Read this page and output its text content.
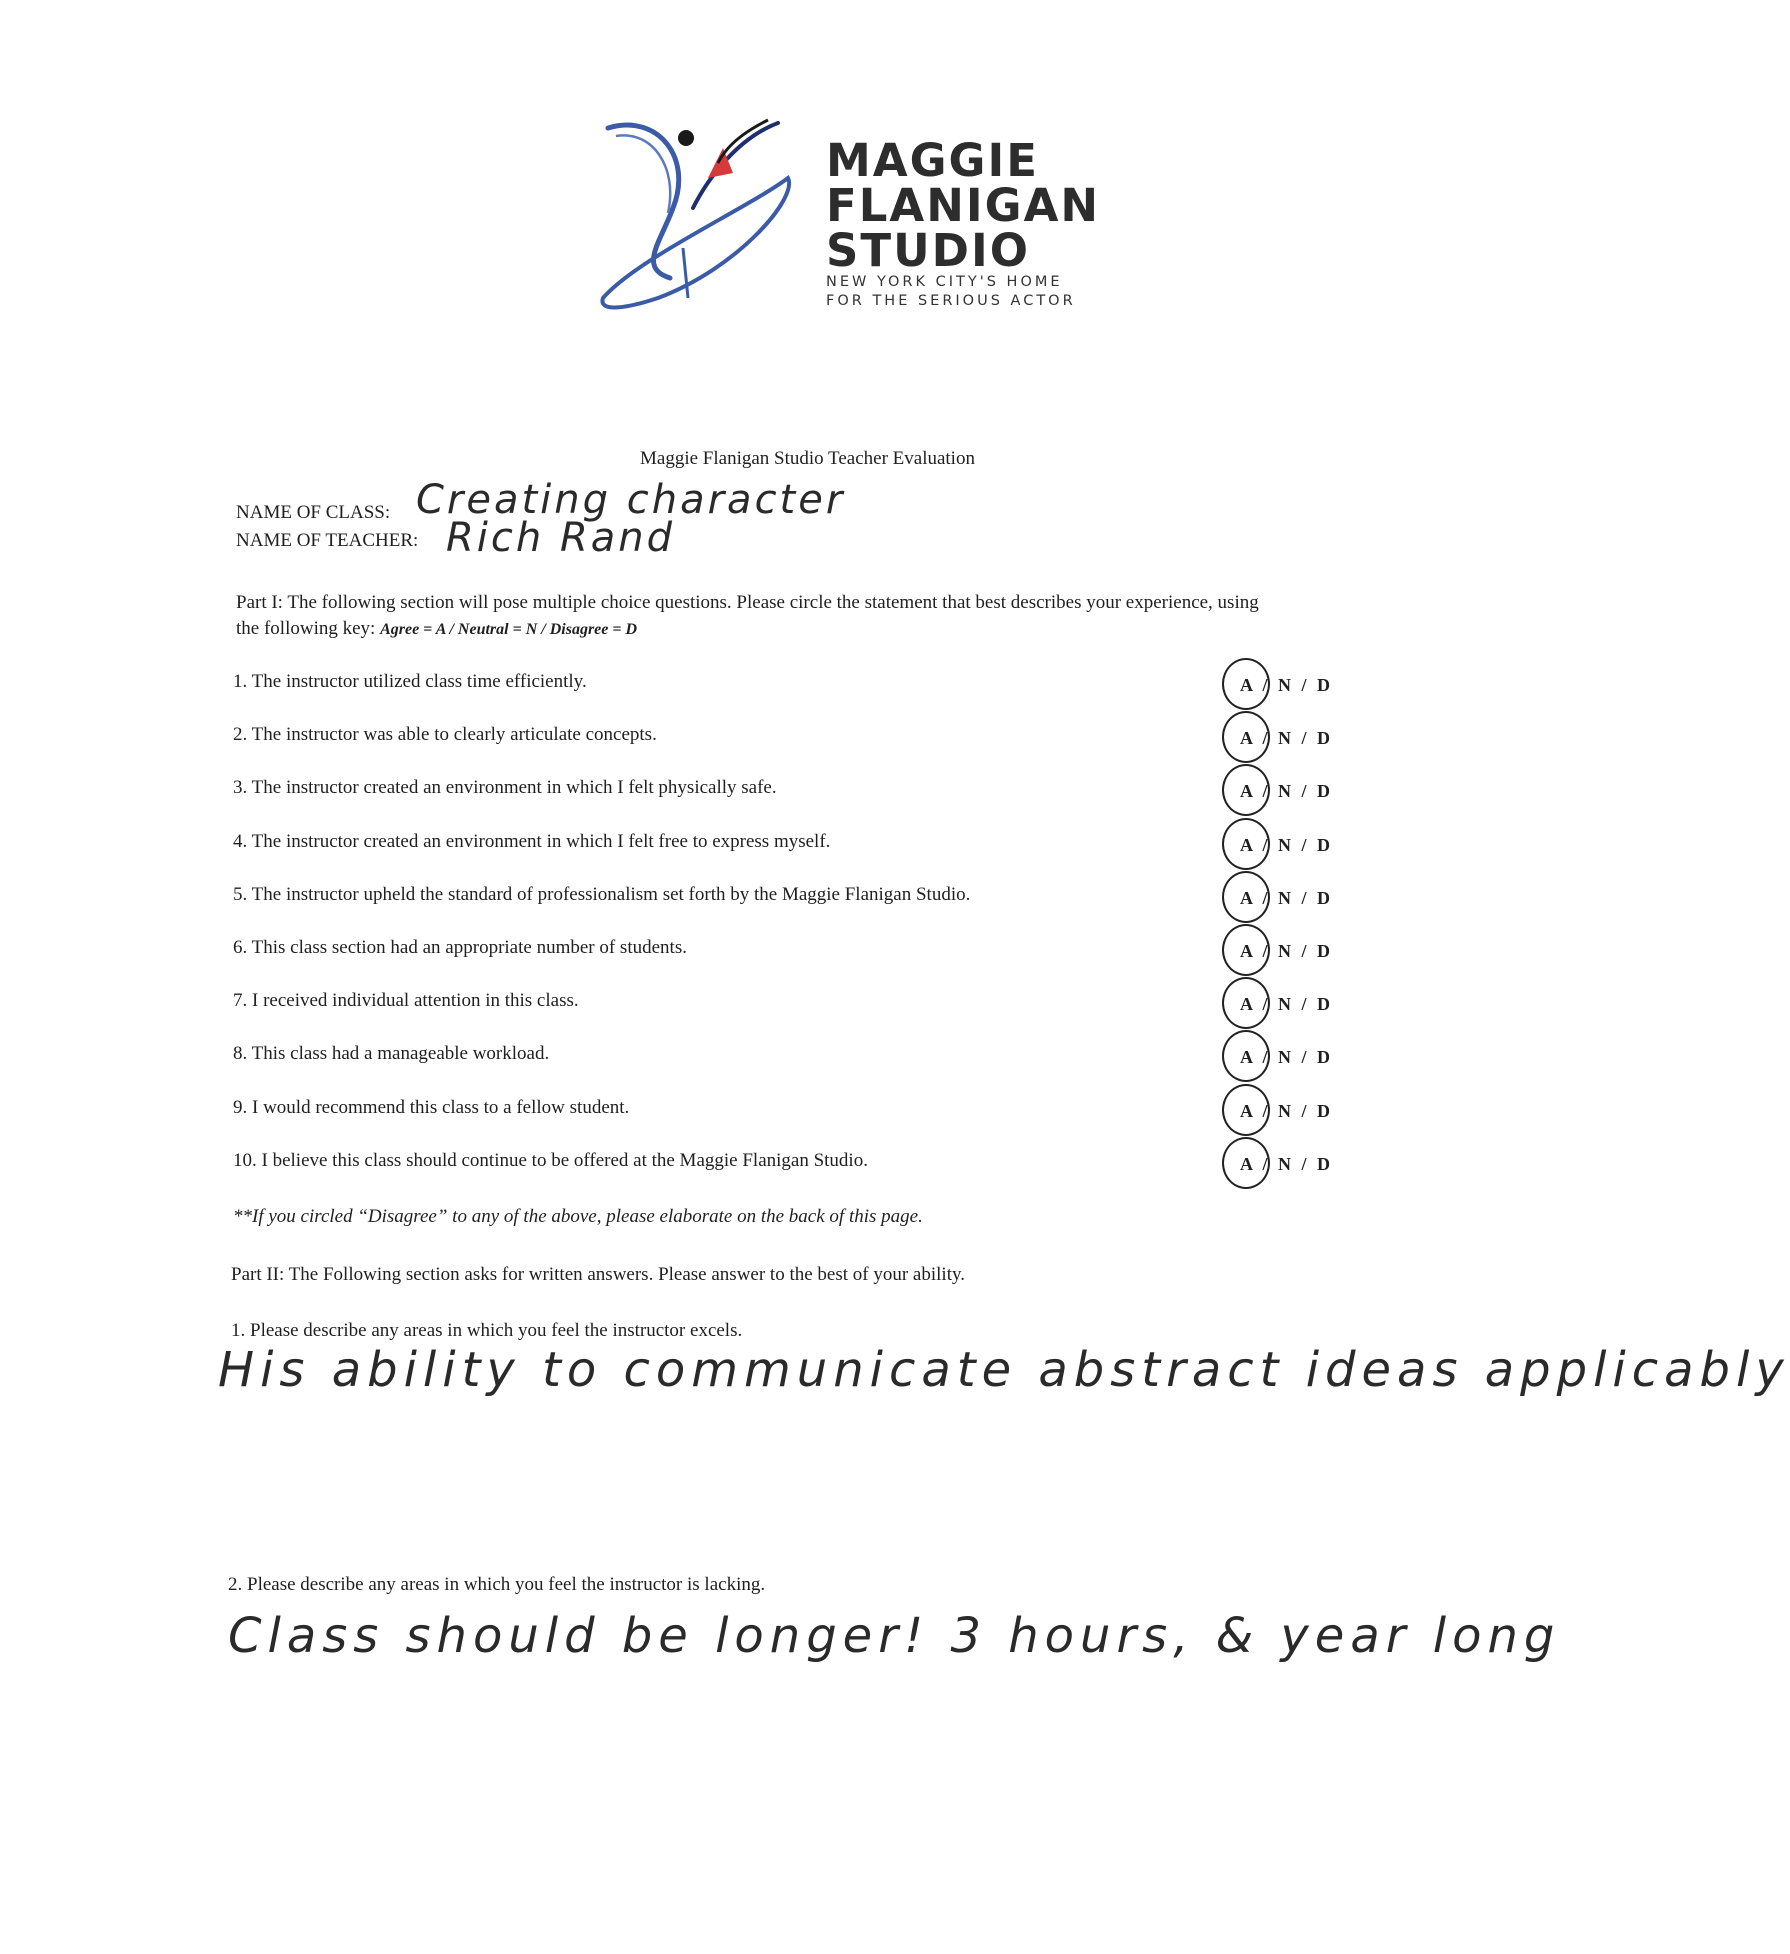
MAGGIE
FLANIGAN
STUDIO
NEW YORK CITY'S HOME
FOR THE SERIOUS ACTOR
Maggie Flanigan Studio Teacher Evaluation
NAME OF CLASS: Creating character
NAME OF TEACHER: Rich Rand
Part I: The following section will pose multiple choice questions. Please circle the statement that best describes your experience, using
the following key: Agree = A / Neutral = N / Disagree = D
1. The instructor utilized class time efficiently.	A / N / D
2. The instructor was able to clearly articulate concepts.	A / N / D
3. The instructor created an environment in which I felt physically safe.	A / N / D
4. The instructor created an environment in which I felt free to express myself.	A / N / D
5. The instructor upheld the standard of professionalism set forth by the Maggie Flanigan Studio.	A / N / D
6. This class section had an appropriate number of students.	A / N / D
7. I received individual attention in this class.	A / N / D
8. This class had a manageable workload.	A / N / D
9. I would recommend this class to a fellow student.	A / N / D
10. I believe this class should continue to be offered at the Maggie Flanigan Studio.	A / N / D
**If you circled “Disagree” to any of the above, please elaborate on the back of this page.
Part II: The Following section asks for written answers. Please answer to the best of your ability.
1. Please describe any areas in which you feel the instructor excels.
His ability to communicate abstract ideas applicably
2. Please describe any areas in which you feel the instructor is lacking.
Class should be longer! 3 hours, & year long
